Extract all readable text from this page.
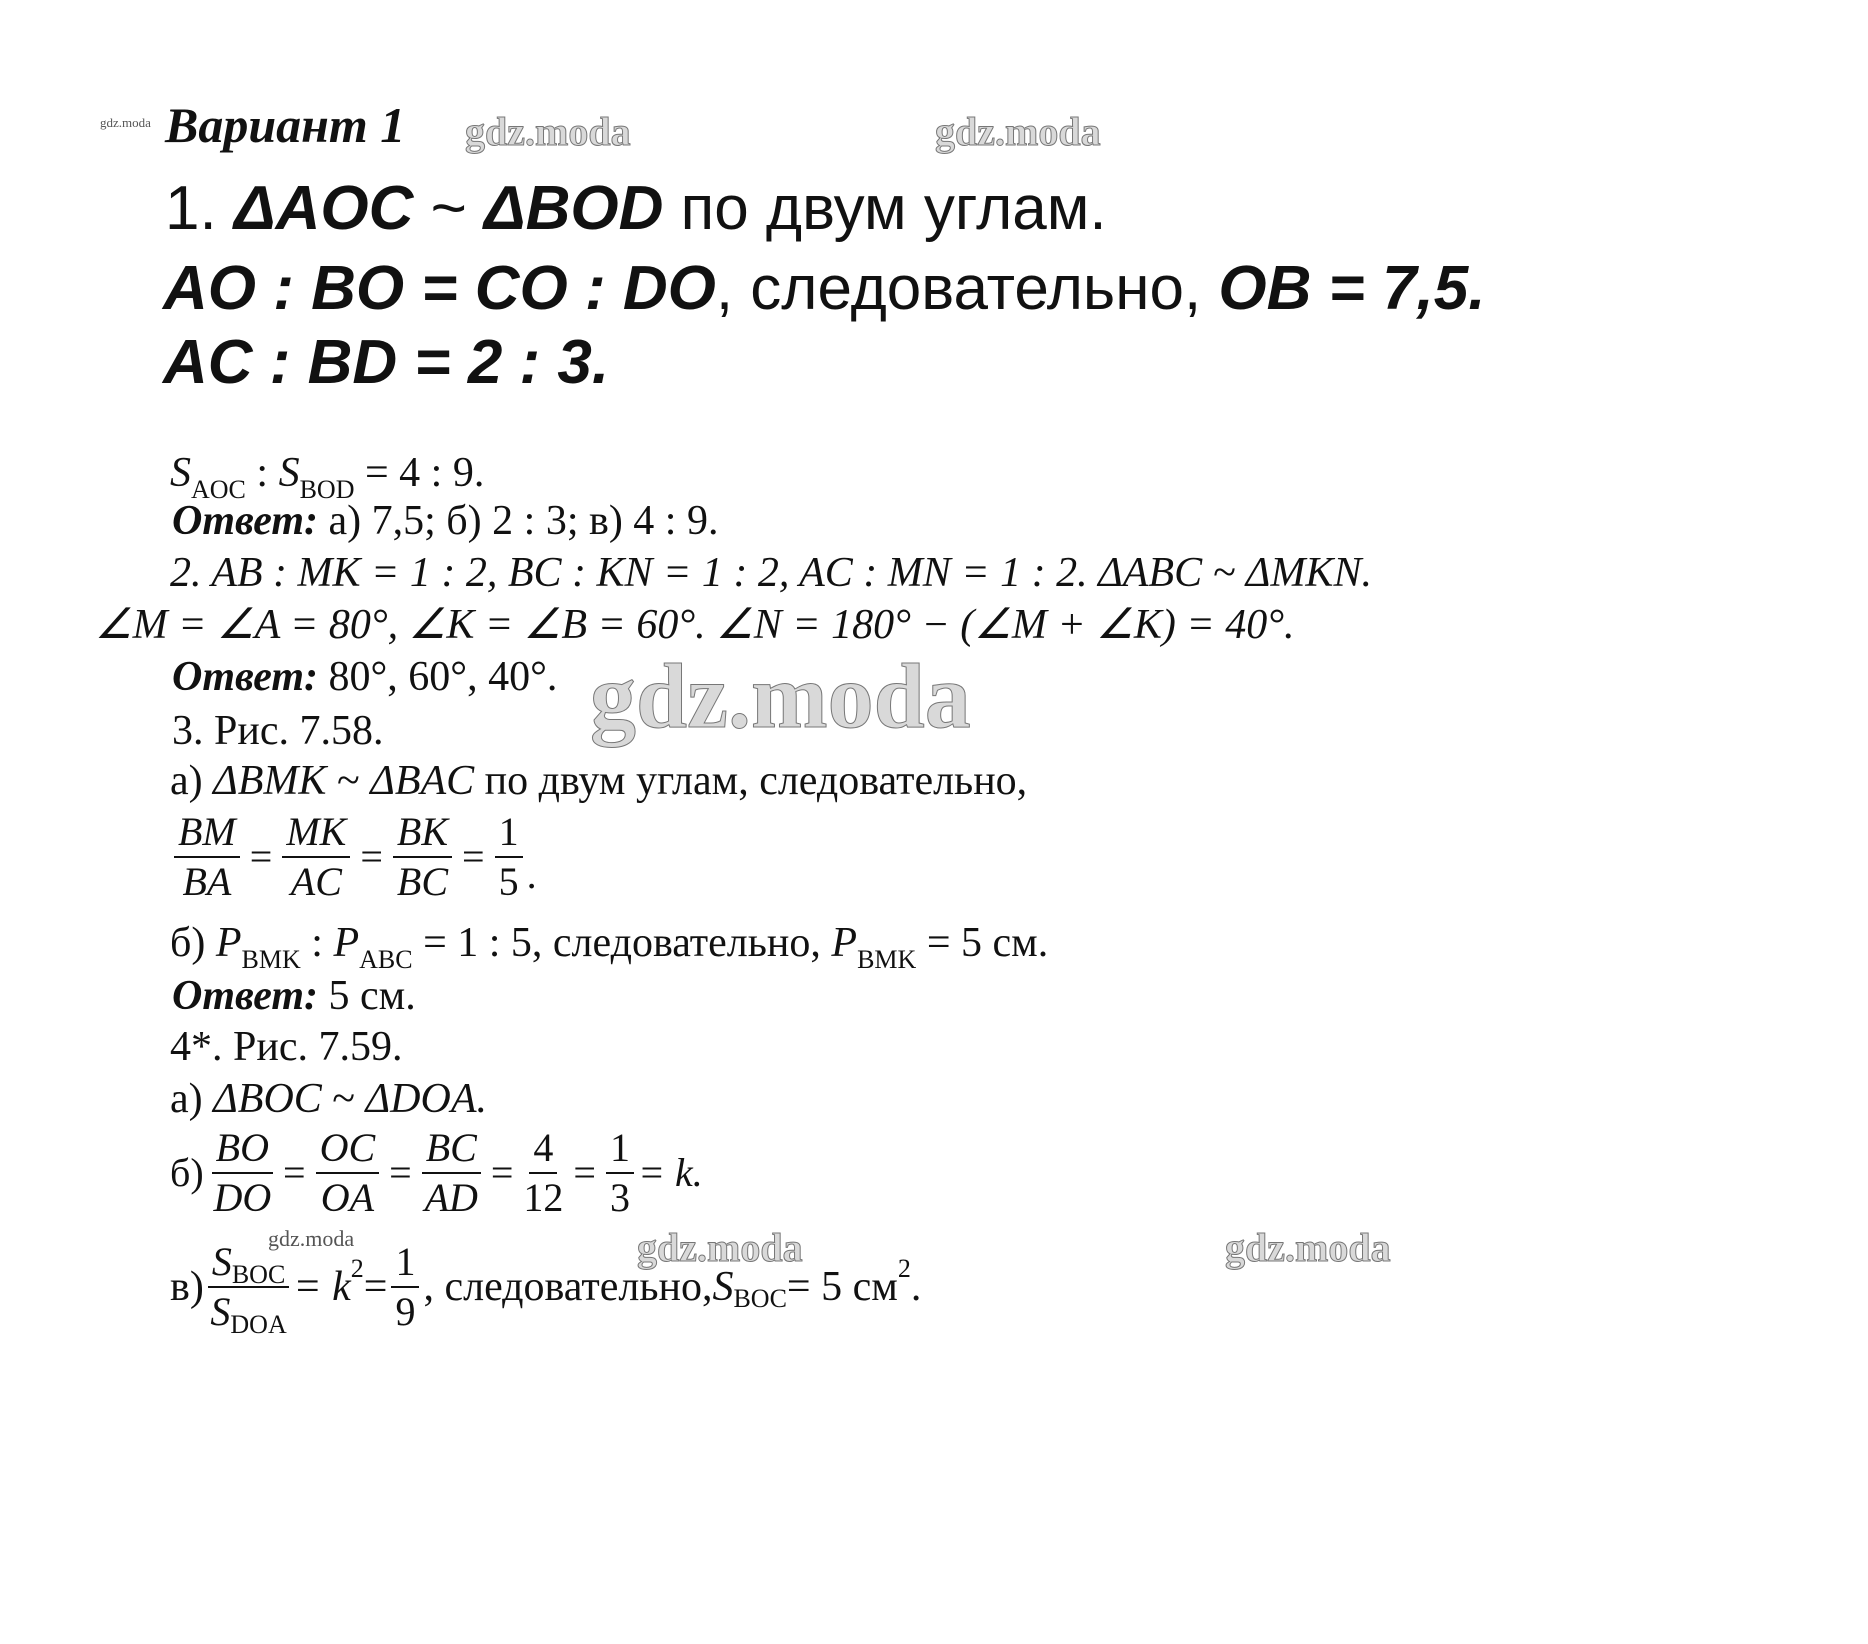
gdz.moda Вариант 1 gdz.moda	gdz.moda
1. ΔAOC ~ ΔBOD по двум углам.
AO : BO = CO : DO, следовательно, OB = 7,5.
AC : BD = 2 : 3.
$S_{AOC}$ : $S_{BOD} = 4$ : 9.
Ответ: а) 7,5; б) 2 : 3; в) 4 : 9.
2. AB : MK = 1 : 2, BC : KN = 1 : 2, AC : MN = 1 : 2. ΔABC ~ ΔMKN.
∠M = ∠A = 80°, ∠K = ∠B = 60°. ∠N = 180° − (∠M + ∠K) = 40°.
Ответ: 80°, 60°, 40°. gdz.moda
3. Рис. 7.58.
а) ΔBMK ~ ΔBAC по двум углам, следовательно,
$\frac{BM}{BA} = \frac{MK}{AC} = \frac{BK}{BC} = \frac{1}{5}$ .
б) $P_{BMK}$ : $P_{ABC} = 1$ : 5, следовательно, $P_{BMK} = 5$ см.
Ответ: 5 см.
4*. Рис. 7.59.
а) ΔBOC ~ ΔDOA.
$б) \frac{BO}{DO} = \frac{OC}{OA} = \frac{BC}{AD} = \frac{4}{12} = \frac{1}{3} = k$.
gdz.moda	gdz.moda	gdz.moda
$в) \frac{S_{BOC}}{S_{DOA}} = k$ $2 = \frac{1}{9}$ , следовательно, S BOC = 5 см 2 .
